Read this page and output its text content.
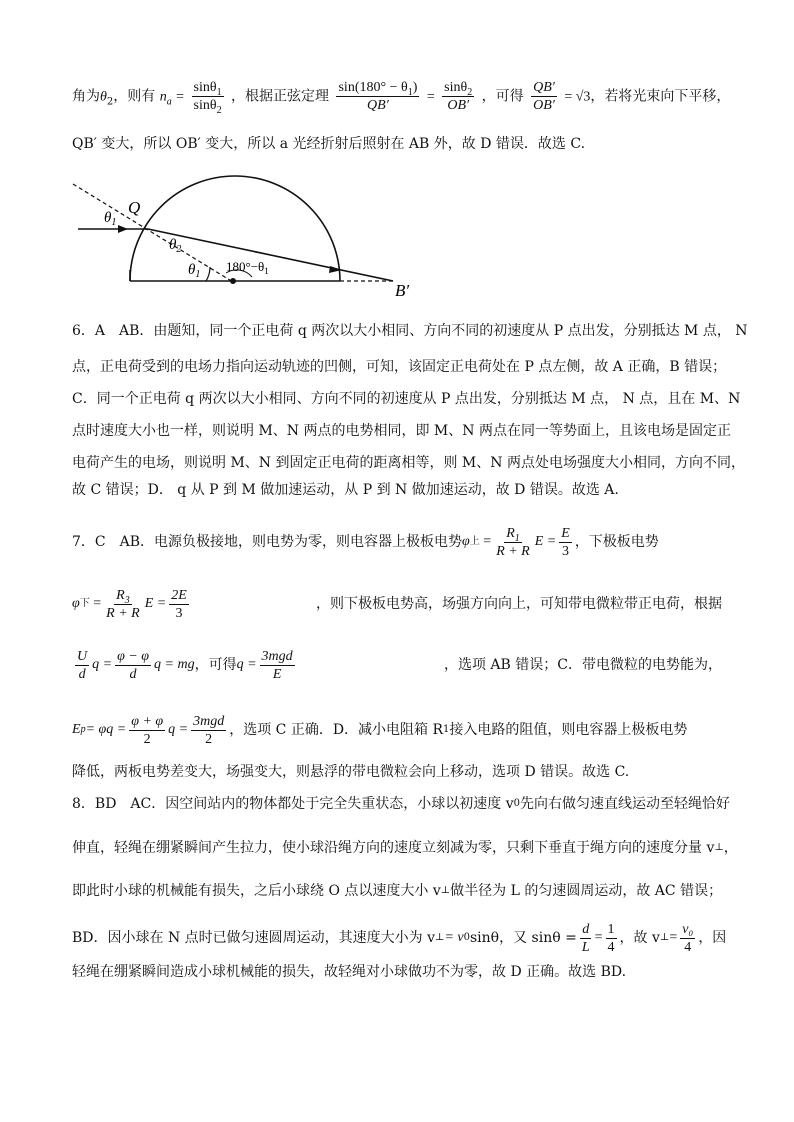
角为$\theta_2$，则有 $n_a = \frac{\sin\theta_1}{\sin\theta_2}$ ，根据正弦定理 $\frac{\sin(180^\circ - \theta_1)}{QB'} = \frac{\sin\theta_2}{OB'}$ ，可得 $\frac{QB'}{OB'} = √3$，若将光束向下平移，
QB′ 变大，所以 OB′ 变大，所以 a 光经折射后照射在 AB 外，故 D 错误．故选 C.
Q
$\theta_1$
$\theta_2$
$\theta_1$
$180^\circ-\theta_1$
B′
6．A　AB．由题知，同一个正电荷 q 两次以大小相同、方向不同的初速度从 P 点出发，分别抵达 M 点， N
点，正电荷受到的电场力指向运动轨迹的凹侧，可知，该固定正电荷处在 P 点左侧，故 A 正确，B 错误；
C．同一个正电荷 q 两次以大小相同、方向不同的初速度从 P 点出发，分别抵达 M 点， N 点，且在 M、N
点时速度大小也一样，则说明 M、N 两点的电势相同，即 M、N 两点在同一等势面上，且该电场是固定正
电荷产生的电场，则说明 M、N 到固定正电荷的距离相等，则 M、N 两点处电场强度大小相同，方向不同，
故 C 错误；D． q 从 P 到 M 做加速运动，从 P 到 N 做加速运动，故 D 错误。故选 A.
7．C　AB．电源负极接地，则电势为零，则电容器上极板电势 φ 上 = $\frac{R_1}{R + R}$ $E = \frac{E}{3}$ ，下极板电势
φ 下 = $\frac{R_3}{R + R}$ $E = \frac{2E}{3}$	，则下极板电势高，场强方向向上，可知带电微粒带正电荷，根据
$\frac{U}{d}$ $q = \frac{\varphi - \varphi}{d}$ q = mg ，可得 $q = \frac{\text{3mgd}}{E}$	，选项 AB 错误；C．带电微粒的电势能为，
E $p = \varphi q = \frac{\varphi + \varphi}{2}$ $q = \frac{\text{3mgd}}{2}$ ，选项 C 正确．D．减小电阻箱 R 1 接入电路的阻值，则电容器上极板电势
降低，两板电势差变大，场强变大，则悬浮的带电微粒会向上移动，选项 D 错误。故选 C.
8．BD　AC．因空间站内的物体都处于完全失重状态，小球以初速度 v 0 先向右做匀速直线运动至轻绳恰好
伸直，轻绳在绷紧瞬间产生拉力，使小球沿绳方向的速度立刻减为零，只剩下垂直于绳方向的速度分量 v ⊥ ，
即此时小球的机械能有损失，之后小球绕 O 点以速度大小 v ⊥ 做半径为 L 的匀速圆周运动，故 AC 错误；
BD．因小球在 N 点时已做匀速圆周运动，其速度大小为 v ⊥ = v 0 sinθ，又 $\sin\theta = \frac{d}{L} = \frac{1}{4}$ ，故 v ⊥ = $\frac{\text{v₀}}{4}$ ，因
轻绳在绷紧瞬间造成小球机械能的损失，故轻绳对小球做功不为零，故 D 正确。故选 BD.
